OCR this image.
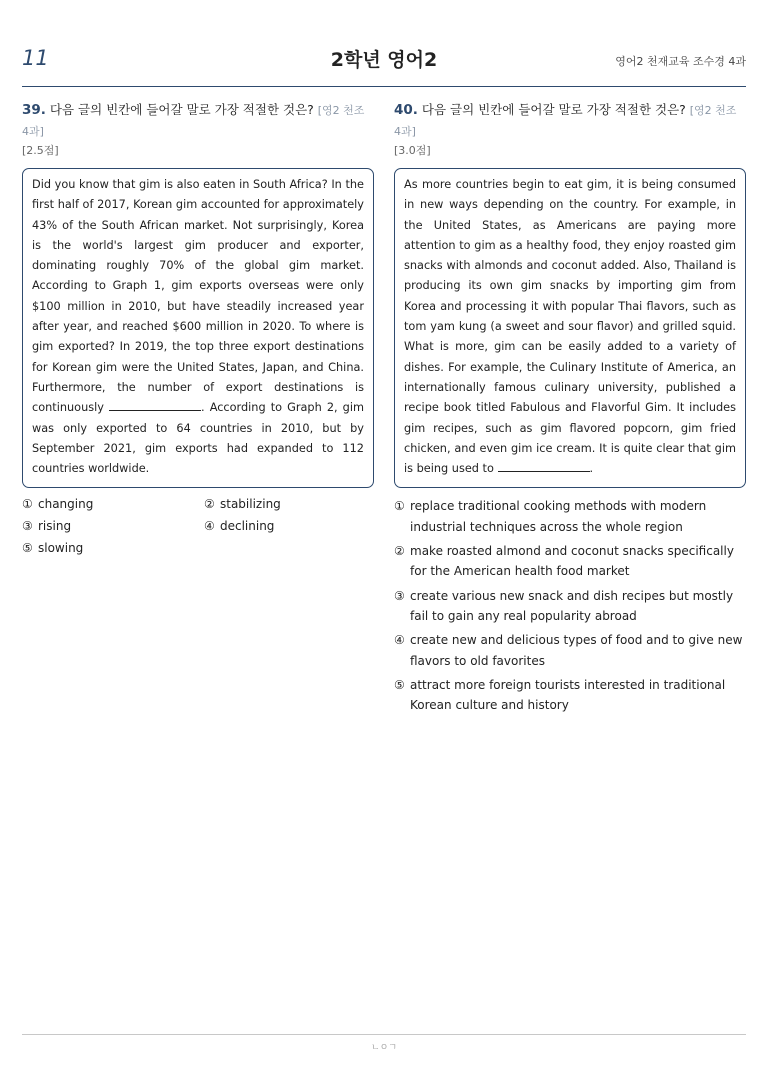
11	2학년 영어2	영어2 천재교육 조수경 4과
39. 다음 글의 빈칸에 들어갈 말로 가장 적절한 것은? [영2 천조 4과]
[2.5점]
Did you know that gim is also eaten in South Africa? In the first half of 2017, Korean gim accounted for approximately 43% of the South African market. Not surprisingly, Korea is the world's largest gim producer and exporter, dominating roughly 70% of the global gim market. According to Graph 1, gim exports overseas were only $100 million in 2010, but have steadily increased year after year, and reached $600 million in 2020. To where is gim exported? In 2019, the top three export destinations for Korean gim were the United States, Japan, and China. Furthermore, the number of export destinations is continuously	. According to Graph 2, gim was only exported to 64 countries in 2010, but by September 2021, gim exports had expanded to 112 countries worldwide.
① changing	② stabilizing
③ rising	④ declining
⑤ slowing
40. 다음 글의 빈칸에 들어갈 말로 가장 적절한 것은? [영2 천조 4과]
[3.0점]
As more countries begin to eat gim, it is being consumed in new ways depending on the country. For example, in the United States, as Americans are paying more attention to gim as a healthy food, they enjoy roasted gim snacks with almonds and coconut added. Also, Thailand is producing its own gim snacks by importing gim from Korea and processing it with popular Thai flavors, such as tom yam kung (a sweet and sour flavor) and grilled squid. What is more, gim can be easily added to a variety of dishes. For example, the Culinary Institute of America, an internationally famous culinary university, published a recipe book titled Fabulous and Flavorful Gim. It includes gim recipes, such as gim flavored popcorn, gim fried chicken, and even gim ice cream. It is quite clear that gim is being used to	.
① replace traditional cooking methods with modern industrial techniques across the whole region
② make roasted almond and coconut snacks specifically for the American health food market
③ create various new snack and dish recipes but mostly fail to gain any real popularity abroad
④ create new and delicious types of food and to give new flavors to old favorites
⑤ attract more foreign tourists interested in traditional Korean culture and history
ㄴㅇㄱ
